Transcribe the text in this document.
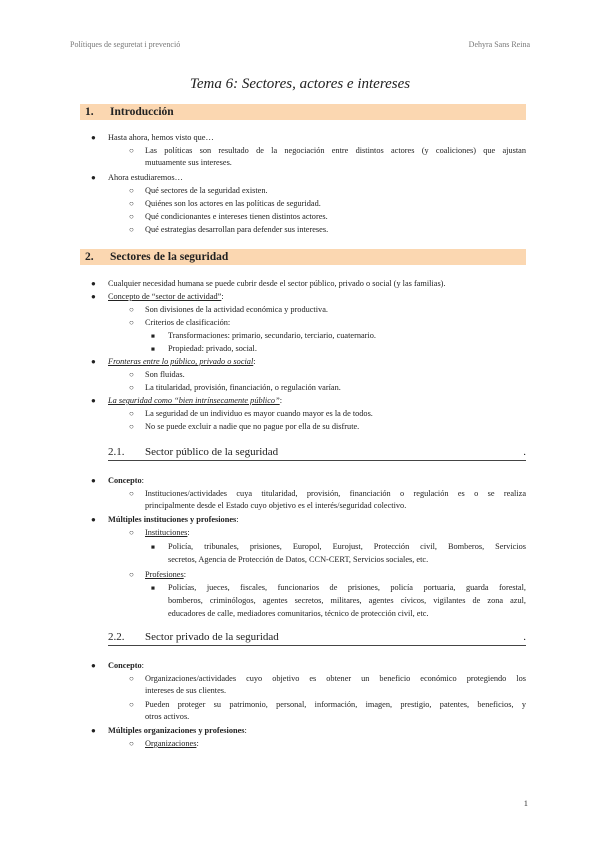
Polítiques de seguretat i prevenció	Dehyra Sans Reina
Tema 6: Sectores, actores e intereses
1. Introducción
● Hasta ahora, hemos visto que…
○ Las políticas son resultado de la negociación entre distintos actores (y coaliciones) que ajustan
mutuamente sus intereses.
● Ahora estudiaremos…
○ Qué sectores de la seguridad existen.
○ Quiénes son los actores en las políticas de seguridad.
○ Qué condicionantes e intereses tienen distintos actores.
○ Qué estrategias desarrollan para defender sus intereses.
2. Sectores de la seguridad
● Cualquier necesidad humana se puede cubrir desde el sector público, privado o social (y las familias).
● Concepto de “sector de actividad”:
○ Son divisiones de la actividad económica y productiva.
○ Criterios de clasificación:
■ Transformaciones: primario, secundario, terciario, cuaternario.
■ Propiedad: privado, social.
● Fronteras entre lo público, privado o social:
○ Son fluidas.
○ La titularidad, provisión, financiación, o regulación varían.
● La seguridad como “bien intrínsecamente público”:
○ La seguridad de un individuo es mayor cuando mayor es la de todos.
○ No se puede excluir a nadie que no pague por ella de su disfrute.
2.1. Sector público de la seguridad	.
● Concepto:
○ Instituciones/actividades cuya titularidad, provisión, financiación o regulación es o se realiza
principalmente desde el Estado cuyo objetivo es el interés/seguridad colectivo.
● Múltiples instituciones y profesiones:
○ Instituciones:
■ Policía, tribunales, prisiones, Europol, Eurojust, Protección civil, Bomberos, Servicios
secretos, Agencia de Protección de Datos, CCN-CERT, Servicios sociales, etc.
○ Profesiones:
■ Policías, jueces, fiscales, funcionarios de prisiones, policía portuaria, guarda forestal,
bomberos, criminólogos, agentes secretos, militares, agentes cívicos, vigilantes de zona azul,
educadores de calle, mediadores comunitarios, técnico de protección civil, etc.
2.2. Sector privado de la seguridad	.
● Concepto:
○ Organizaciones/actividades cuyo objetivo es obtener un beneficio económico protegiendo los
intereses de sus clientes.
○ Pueden proteger su patrimonio, personal, información, imagen, prestigio, patentes, beneficios, y
otros activos.
● Múltiples organizaciones y profesiones:
○ Organizaciones:
1
